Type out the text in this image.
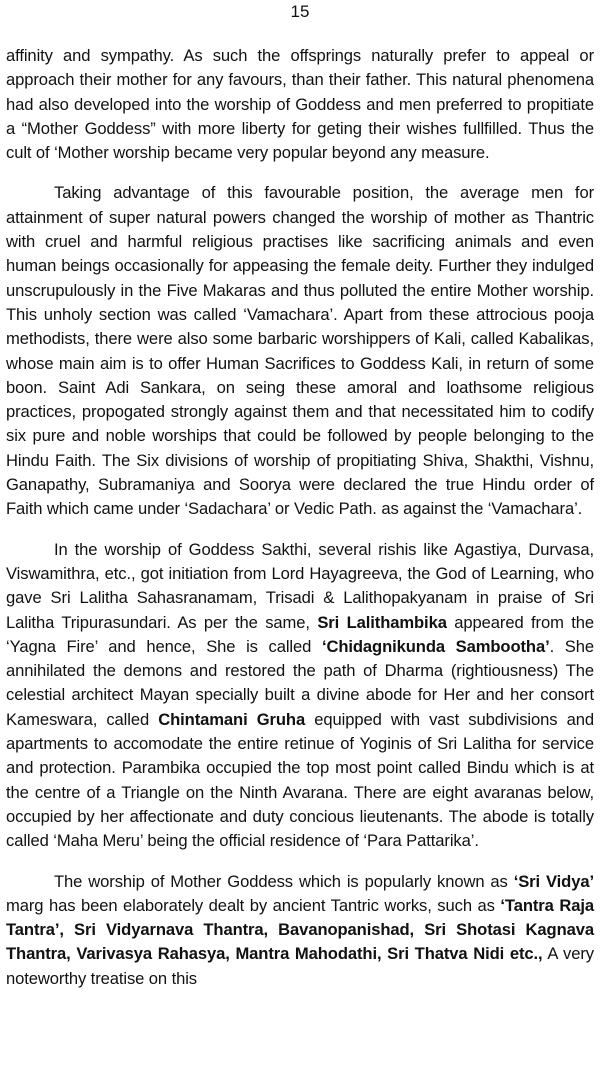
15

affinity and sympathy. As such the offsprings naturally prefer to appeal or approach their mother for any favours, than their father. This natural phenomena had also developed into the worship of Goddess and men preferred to propitiate a “Mother Goddess” with more liberty for geting their wishes fullfilled. Thus the cult of ‘Mother worship became very popular beyond any measure.

Taking advantage of this favourable position, the average men for attainment of super natural powers changed the worship of mother as Thantric with cruel and harmful religious practises like sacrificing animals and even human beings occasionally for appeasing the female deity. Further they indulged unscrupulously in the Five Makaras and thus polluted the entire Mother worship. This unholy section was called ‘Vamachara’. Apart from these attrocious pooja methodists, there were also some barbaric worshippers of Kali, called Kabalikas, whose main aim is to offer Human Sacrifices to Goddess Kali, in return of some boon. Saint Adi Sankara, on seing these amoral and loathsome religious practices, propogated strongly against them and that necessitated him to codify six pure and noble worships that could be followed by people belonging to the Hindu Faith. The Six divisions of worship of propitiating Shiva, Shakthi, Vishnu, Ganapathy, Subramaniya and Soorya were declared the true Hindu order of Faith which came under ‘Sadachara’ or Vedic Path. as against the ‘Vamachara’.

In the worship of Goddess Sakthi, several rishis like Agastiya, Durvasa, Viswamithra, etc., got initiation from Lord Hayagreeva, the God of Learning, who gave Sri Lalitha Sahasranamam, Trisadi & Lalithopakyanam in praise of Sri Lalitha Tripurasundari. As per the same, Sri Lalithambika appeared from the ‘Yagna Fire’ and hence, She is called ‘Chidagnikunda Sambootha’. She annihilated the demons and restored the path of Dharma (rightiousness) The celestial architect Mayan specially built a divine abode for Her and her consort Kameswara, called Chintamani Gruha equipped with vast subdivisions and apartments to accomodate the entire retinue of Yoginis of Sri Lalitha for service and protection. Parambika occupied the top most point called Bindu which is at the centre of a Triangle on the Ninth Avarana. There are eight avaranas below, occupied by her affectionate and duty concious lieutenants. The abode is totally called ‘Maha Meru’ being the official residence of ‘Para Pattarika’.

The worship of Mother Goddess which is popularly known as ‘Sri Vidya’ marg has been elaborately dealt by ancient Tantric works, such as ‘Tantra Raja Tantra’, Sri Vidyarnava Thantra, Bavanopanishad, Sri Shotasi Kagnava Thantra, Varivasya Rahasya, Mantra Mahodathi, Sri Thatva Nidi etc., A very noteworthy treatise on this
